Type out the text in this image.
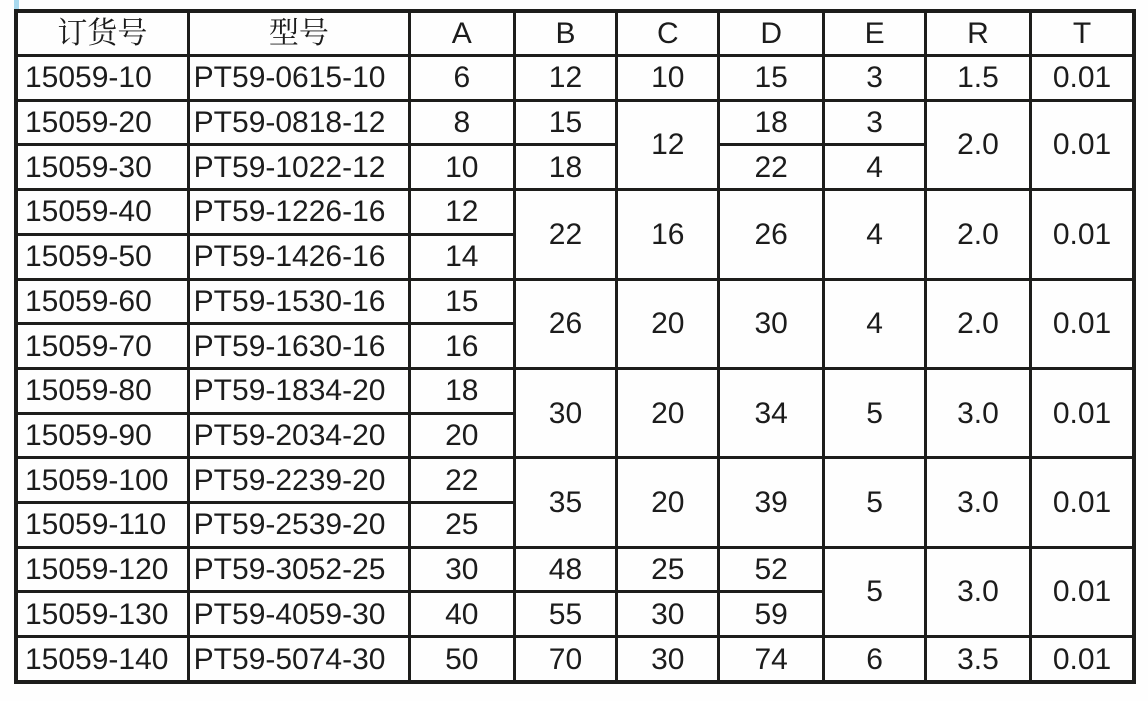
订货号	型号	A	B	C	D	E	R	T
15059-10	PT59-0615-10	6	12	10	15	3	1.5	0.01
15059-20	PT59-0818-12	8	15	12	18	3	2.0	0.01
15059-30	PT59-1022-12	10	18		22	4		
15059-40	PT59-1226-16	12	22	16	26	4	2.0	0.01
15059-50	PT59-1426-16	14						
15059-60	PT59-1530-16	15	26	20	30	4	2.0	0.01
15059-70	PT59-1630-16	16						
15059-80	PT59-1834-20	18	30	20	34	5	3.0	0.01
15059-90	PT59-2034-20	20						
15059-100	PT59-2239-20	22	35	20	39	5	3.0	0.01
15059-110	PT59-2539-20	25						
15059-120	PT59-3052-25	30	48	25	52	5	3.0	0.01
15059-130	PT59-4059-30	40	55	30	59			
15059-140	PT59-5074-30	50	70	30	74	6	3.5	0.01
